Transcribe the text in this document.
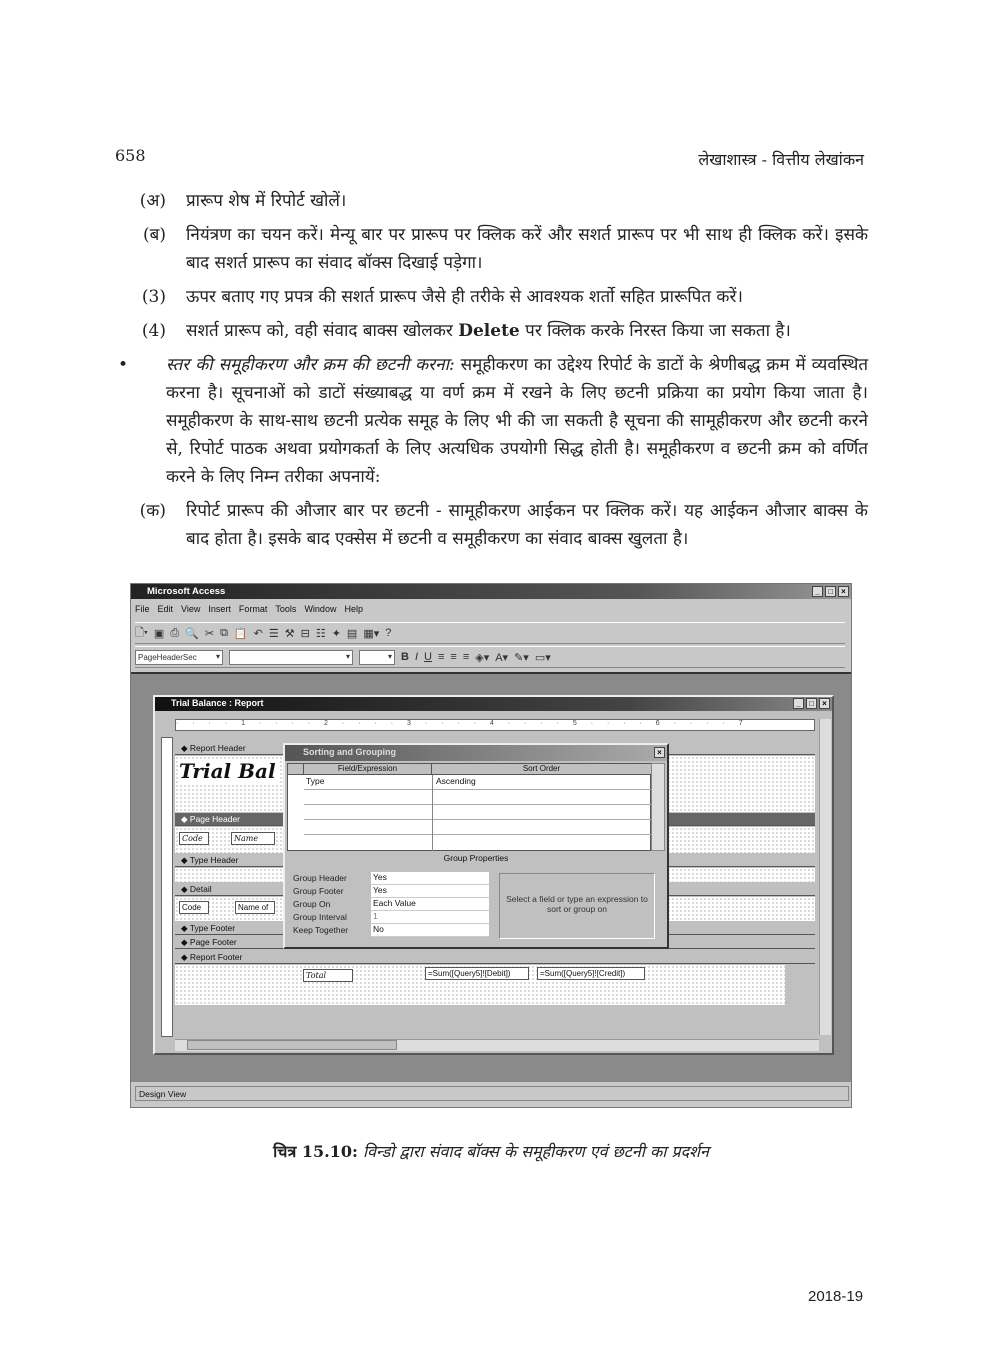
658	लेखाशास्त्र - वित्तीय लेखांकन
(अ) प्रारूप शेष में रिपोर्ट खोलें।
(ब) नियंत्रण का चयन करें। मेन्यू बार पर प्रारूप पर क्लिक करें और सशर्त प्रारूप पर भी साथ ही क्लिक करें। इसके बाद सशर्त प्रारूप का संवाद बॉक्स दिखाई पड़ेगा।
(3) ऊपर बताए गए प्रपत्र की सशर्त प्रारूप जैसे ही तरीके से आवश्यक शर्तो सहित प्रारूपित करें।
(4) सशर्त प्रारूप को, वही संवाद बाक्स खोलकर Delete पर क्लिक करके निरस्त किया जा सकता है।
• स्तर की समूहीकरण और क्रम की छटनी करना: समूहीकरण का उद्देश्य रिपोर्ट के डाटों के श्रेणीबद्ध क्रम में व्यवस्थित करना है। सूचनाओं को डाटों संख्याबद्ध या वर्ण क्रम में रखने के लिए छटनी प्रक्रिया का प्रयोग किया जाता है। समूहीकरण के साथ-साथ छटनी प्रत्येक समूह के लिए भी की जा सकती है सूचना की सामूहीकरण और छटनी करने से, रिपोर्ट पाठक अथवा प्रयोगकर्ता के लिए अत्यधिक उपयोगी सिद्ध होती है। समूहीकरण व छटनी क्रम को वर्णित करने के लिए निम्न तरीका अपनायें:
(क) रिपोर्ट प्रारूप की औजार बार पर छटनी - सामूहीकरण आईकन पर क्लिक करें। यह आईकन औजार बाक्स के बाद होता है। इसके बाद एक्सेस में छटनी व समूहीकरण का संवाद बाक्स खुलता है।
Microsoft Access	_	□	×
File Edit View Insert Format Tools Window Help
🗋▾ ▣ ⎙ 🔍 ✂ ⧉ 📋 ↶ ☰ ⚒ ⊟ ☷ ✦ ▤ ▦▾ ?
PageHeaderSec ▾ ▾ ▾	B I U ≡ ≡ ≡ ◈▾ A▾ ✎▾ ▭▾
Trial Balance : Report	_	□	×
· · · · 1 · · · · 2 · · · · 3 · · · · 4 · · · · 5 · · · · 6 · · · · 7
◆ Report Header
Trial Bal
◆ Page Header
Code	Name
◆ Type Header
◆ Detail
Code	Name of
◆ Type Footer
◆ Page Footer
◆ Report Footer
Total	=Sum([Query5]![Debit])	=Sum([Query5]![Credit])
Sorting and Grouping	×
Field/Expression	Sort Order
Type	Ascending
Group Properties
Group Header	Yes
Group Footer	Yes
Group On	Each Value
Group Interval	1
Keep Together	No
Select a field or type an expression to sort or group on
Design View
चित्र 15.10: विन्डो द्वारा संवाद बॉक्स के समूहीकरण एवं छटनी का प्रदर्शन
2018-19
